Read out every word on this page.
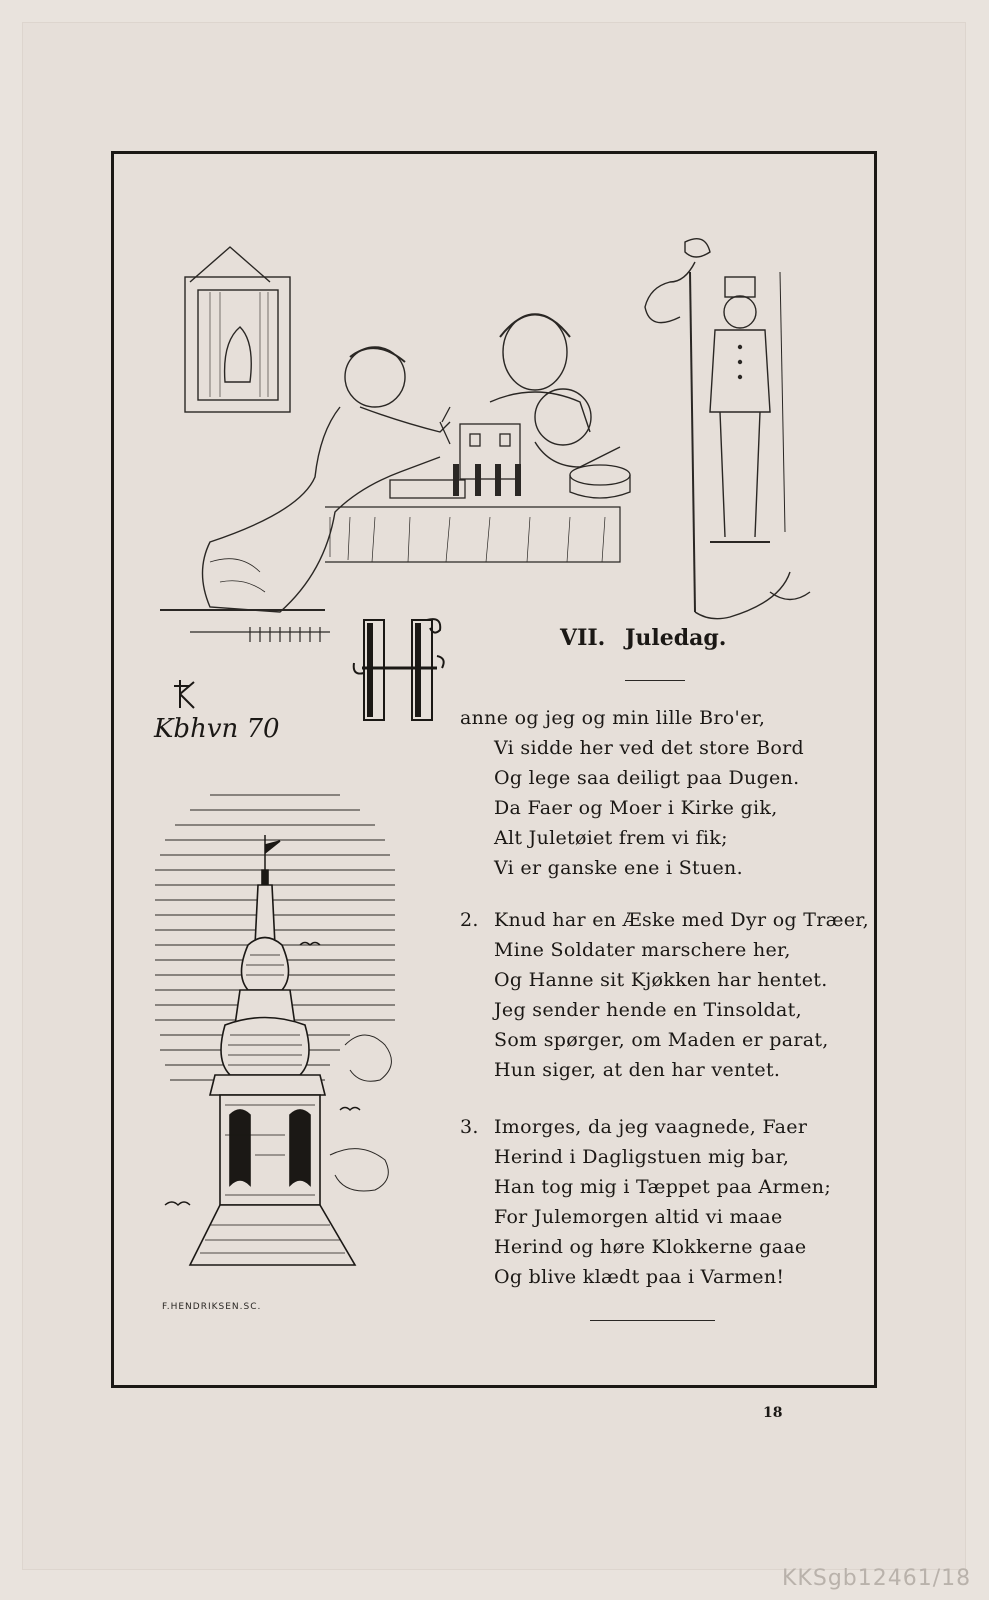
Kbhvn 70
F.HENDRIKSEN.SC.
H
VII. Juledag.
anne og jeg og min lille Bro'er,
Vi sidde her ved det store Bord
Og lege saa deiligt paa Dugen.
Da Faer og Moer i Kirke gik,
Alt Juletøiet frem vi fik;
Vi er ganske ene i Stuen.
2. Knud har en Æske med Dyr og Træer,
Mine Soldater marschere her,
Og Hanne sit Kjøkken har hentet.
Jeg sender hende en Tinsoldat,
Som spørger, om Maden er parat,
Hun siger, at den har ventet.
3. Imorges, da jeg vaagnede, Faer
Herind i Dagligstuen mig bar,
Han tog mig i Tæppet paa Armen;
For Julemorgen altid vi maae
Herind og høre Klokkerne gaae
Og blive klædt paa i Varmen!
18
KKSgb12461/18
